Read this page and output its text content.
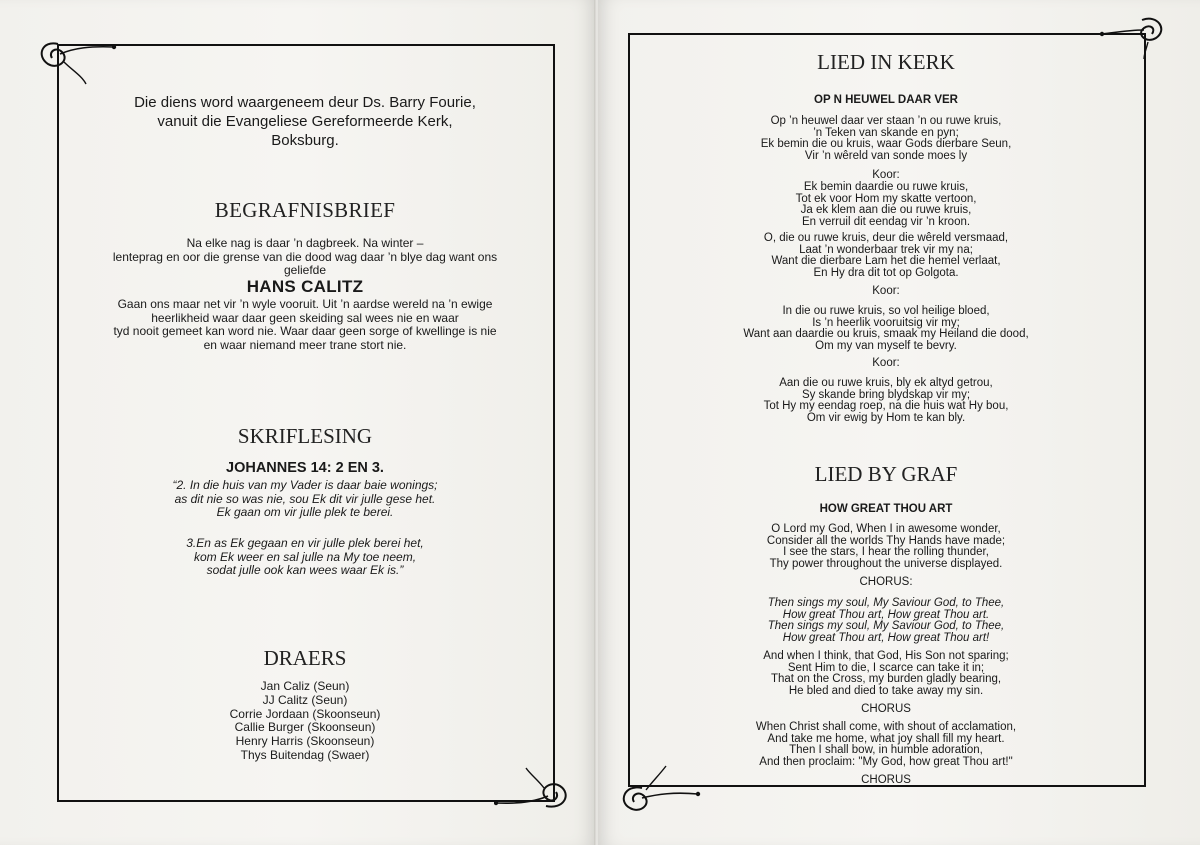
Die diens word waargeneem deur Ds. Barry Fourie,
vanuit die Evangeliese Gereformeerde Kerk,
Boksburg.
BEGRAFNISBRIEF
Na elke nag is daar ’n dagbreek. Na winter –
lenteprag en oor die grense van die dood wag daar ’n blye dag want ons
geliefde
HANS CALITZ
Gaan ons maar net vir ’n wyle vooruit. Uit ’n aardse wereld na ’n ewige
heerlikheid waar daar geen skeiding sal wees nie en waar
tyd nooit gemeet kan word nie. Waar daar geen sorge of kwellinge is nie
en waar niemand meer trane stort nie.
SKRIFLESING
JOHANNES 14: 2 EN 3.
“2. In die huis van my Vader is daar baie wonings;
as dit nie so was nie, sou Ek dit vir julle gese het.
Ek gaan om vir julle plek te berei.
3.En as Ek gegaan en vir julle plek berei het,
kom Ek weer en sal julle na My toe neem,
sodat julle ook kan wees waar Ek is.”
DRAERS
Jan Caliz (Seun)
JJ Calitz (Seun)
Corrie Jordaan (Skoonseun)
Callie Burger (Skoonseun)
Henry Harris (Skoonseun)
Thys Buitendag (Swaer)
LIED IN KERK
OP N HEUWEL DAAR VER
Op ’n heuwel daar ver staan ’n ou ruwe kruis,
’n Teken van skande en pyn;
Ek bemin die ou kruis, waar Gods dierbare Seun,
Vir ’n wêreld van sonde moes ly
Koor:
Ek bemin daardie ou ruwe kruis,
Tot ek voor Hom my skatte vertoon,
Ja ek klem aan die ou ruwe kruis,
En verruil dit eendag vir ’n kroon.
O, die ou ruwe kruis, deur die wêreld versmaad,
Laat ’n wonderbaar trek vir my na;
Want die dierbare Lam het die hemel verlaat,
En Hy dra dit tot op Golgota.
Koor:
In die ou ruwe kruis, so vol heilige bloed,
Is ’n heerlik vooruitsig vir my;
Want aan daardie ou kruis, smaak my Heiland die dood,
Om my van myself te bevry.
Koor:
Aan die ou ruwe kruis, bly ek altyd getrou,
Sy skande bring blydskap vir my;
Tot Hy my eendag roep, na die huis wat Hy bou,
Om vir ewig by Hom te kan bly.
LIED BY GRAF
HOW GREAT THOU ART
O Lord my God, When I in awesome wonder,
Consider all the worlds Thy Hands have made;
I see the stars, I hear the rolling thunder,
Thy power throughout the universe displayed.
CHORUS:
Then sings my soul, My Saviour God, to Thee,
How great Thou art, How great Thou art.
Then sings my soul, My Saviour God, to Thee,
How great Thou art, How great Thou art!
And when I think, that God, His Son not sparing;
Sent Him to die, I scarce can take it in;
That on the Cross, my burden gladly bearing,
He bled and died to take away my sin.
CHORUS
When Christ shall come, with shout of acclamation,
And take me home, what joy shall fill my heart.
Then I shall bow, in humble adoration,
And then proclaim: "My God, how great Thou art!"
CHORUS
